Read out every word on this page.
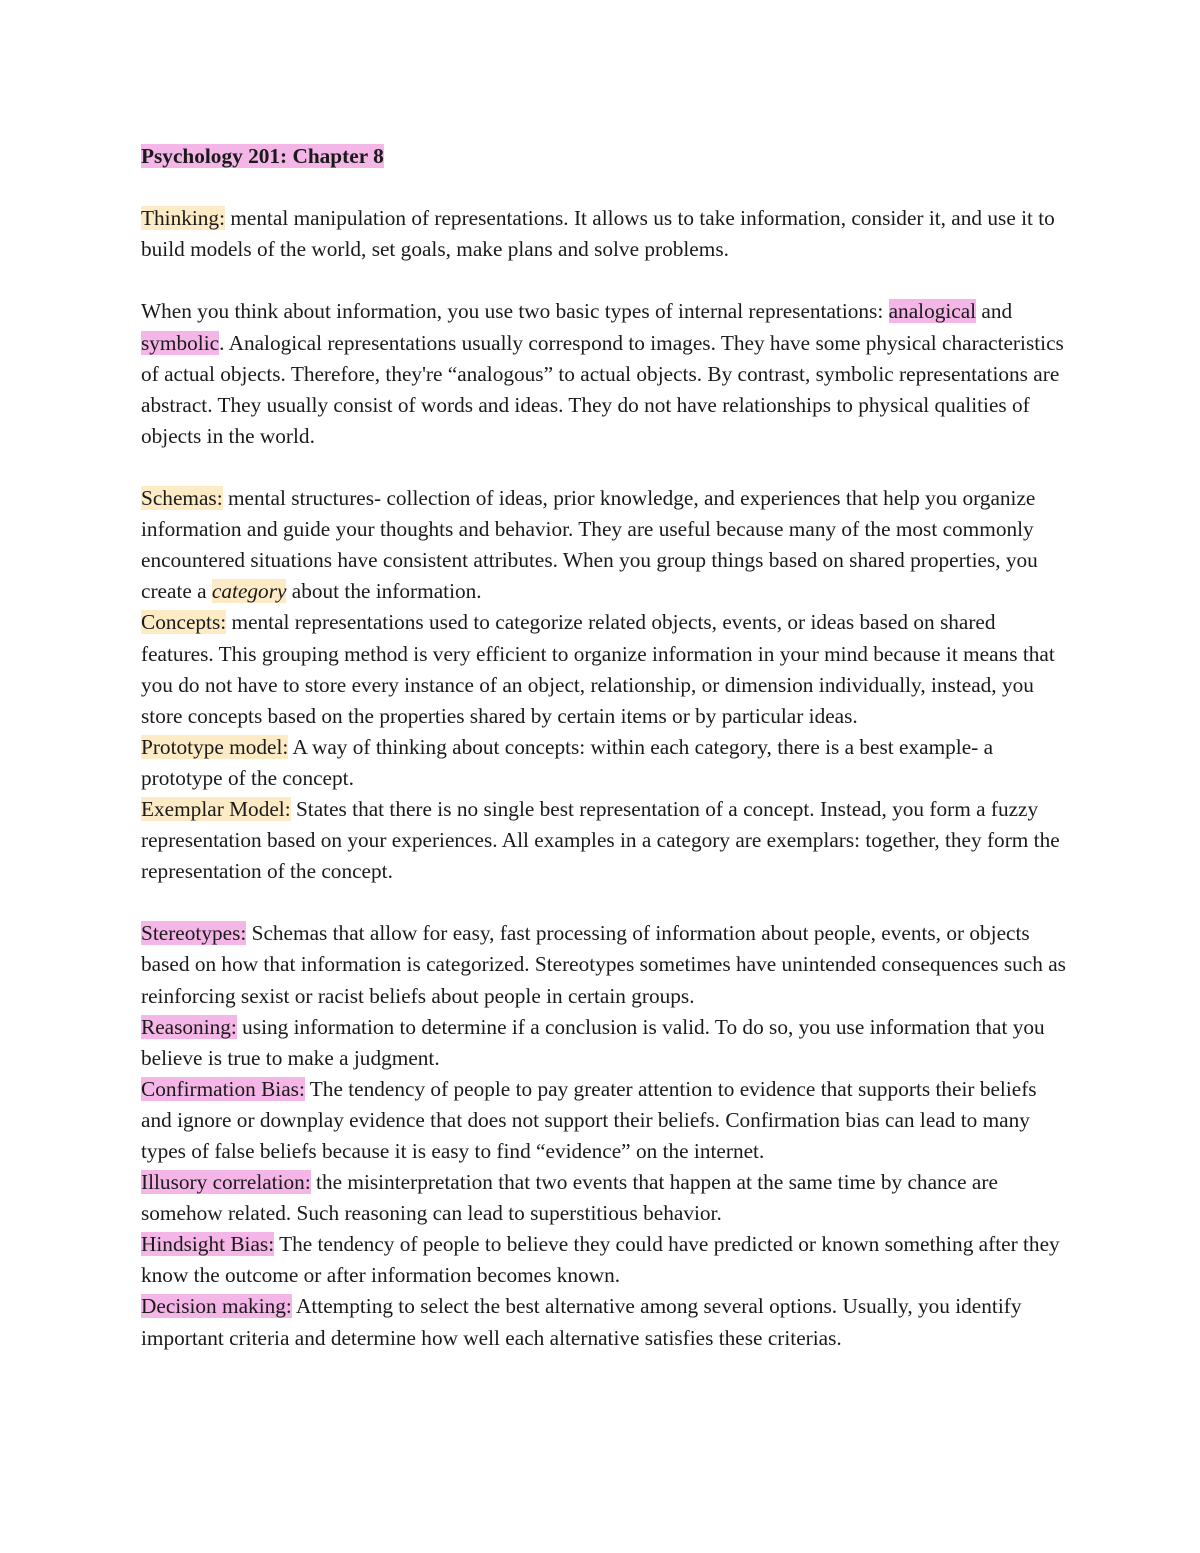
Psychology 201: Chapter 8

Thinking: mental manipulation of representations. It allows us to take information, consider it, and use it to build models of the world, set goals, make plans and solve problems.

When you think about information, you use two basic types of internal representations: analogical and symbolic. Analogical representations usually correspond to images. They have some physical characteristics of actual objects. Therefore, they're “analogous” to actual objects. By contrast, symbolic representations are abstract. They usually consist of words and ideas. They do not have relationships to physical qualities of objects in the world.

Schemas: mental structures- collection of ideas, prior knowledge, and experiences that help you organize information and guide your thoughts and behavior. They are useful because many of the most commonly encountered situations have consistent attributes. When you group things based on shared properties, you create a category about the information.

Concepts: mental representations used to categorize related objects, events, or ideas based on shared features. This grouping method is very efficient to organize information in your mind because it means that you do not have to store every instance of an object, relationship, or dimension individually, instead, you store concepts based on the properties shared by certain items or by particular ideas.

Prototype model: A way of thinking about concepts: within each category, there is a best example- a prototype of the concept.

Exemplar Model: States that there is no single best representation of a concept. Instead, you form a fuzzy representation based on your experiences. All examples in a category are exemplars: together, they form the representation of the concept.

Stereotypes: Schemas that allow for easy, fast processing of information about people, events, or objects based on how that information is categorized. Stereotypes sometimes have unintended consequences such as reinforcing sexist or racist beliefs about people in certain groups.

Reasoning: using information to determine if a conclusion is valid. To do so, you use information that you believe is true to make a judgment.

Confirmation Bias: The tendency of people to pay greater attention to evidence that supports their beliefs and ignore or downplay evidence that does not support their beliefs. Confirmation bias can lead to many types of false beliefs because it is easy to find “evidence” on the internet.

Illusory correlation: the misinterpretation that two events that happen at the same time by chance are somehow related. Such reasoning can lead to superstitious behavior.

Hindsight Bias: The tendency of people to believe they could have predicted or known something after they know the outcome or after information becomes known.

Decision making: Attempting to select the best alternative among several options. Usually, you identify important criteria and determine how well each alternative satisfies these criterias.
